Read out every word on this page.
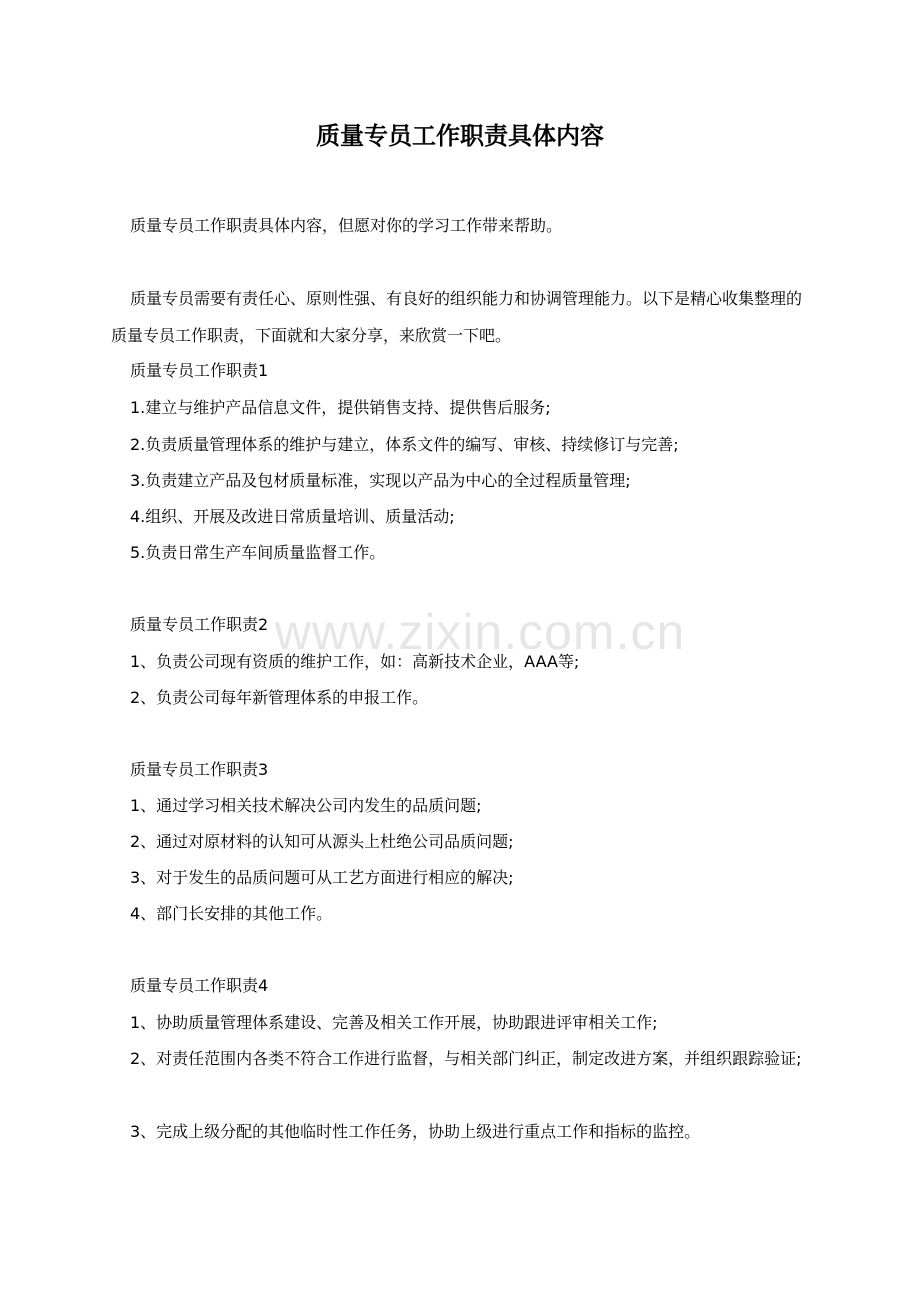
www.zixin.com.cn
质量专员工作职责具体内容

质量专员工作职责具体内容，但愿对你的学习工作带来帮助。

质量专员需要有责任心、原则性强、有良好的组织能力和协调管理能力。以下是精心收集整理的质量专员工作职责，下面就和大家分享，来欣赏一下吧。

质量专员工作职责1

1.建立与维护产品信息文件，提供销售支持、提供售后服务;

2.负责质量管理体系的维护与建立，体系文件的编写、审核、持续修订与完善;

3.负责建立产品及包材质量标准，实现以产品为中心的全过程质量管理;

4.组织、开展及改进日常质量培训、质量活动;

5.负责日常生产车间质量监督工作。

质量专员工作职责2

1、负责公司现有资质的维护工作，如：高新技术企业，AAA等;

2、负责公司每年新管理体系的申报工作。

质量专员工作职责3

1、通过学习相关技术解决公司内发生的品质问题;

2、通过对原材料的认知可从源头上杜绝公司品质问题;

3、对于发生的品质问题可从工艺方面进行相应的解决;

4、部门长安排的其他工作。

质量专员工作职责4

1、协助质量管理体系建设、完善及相关工作开展，协助跟进评审相关工作;

2、对责任范围内各类不符合工作进行监督，与相关部门纠正，制定改进方案，并组织跟踪验证;

3、完成上级分配的其他临时性工作任务，协助上级进行重点工作和指标的监控。
